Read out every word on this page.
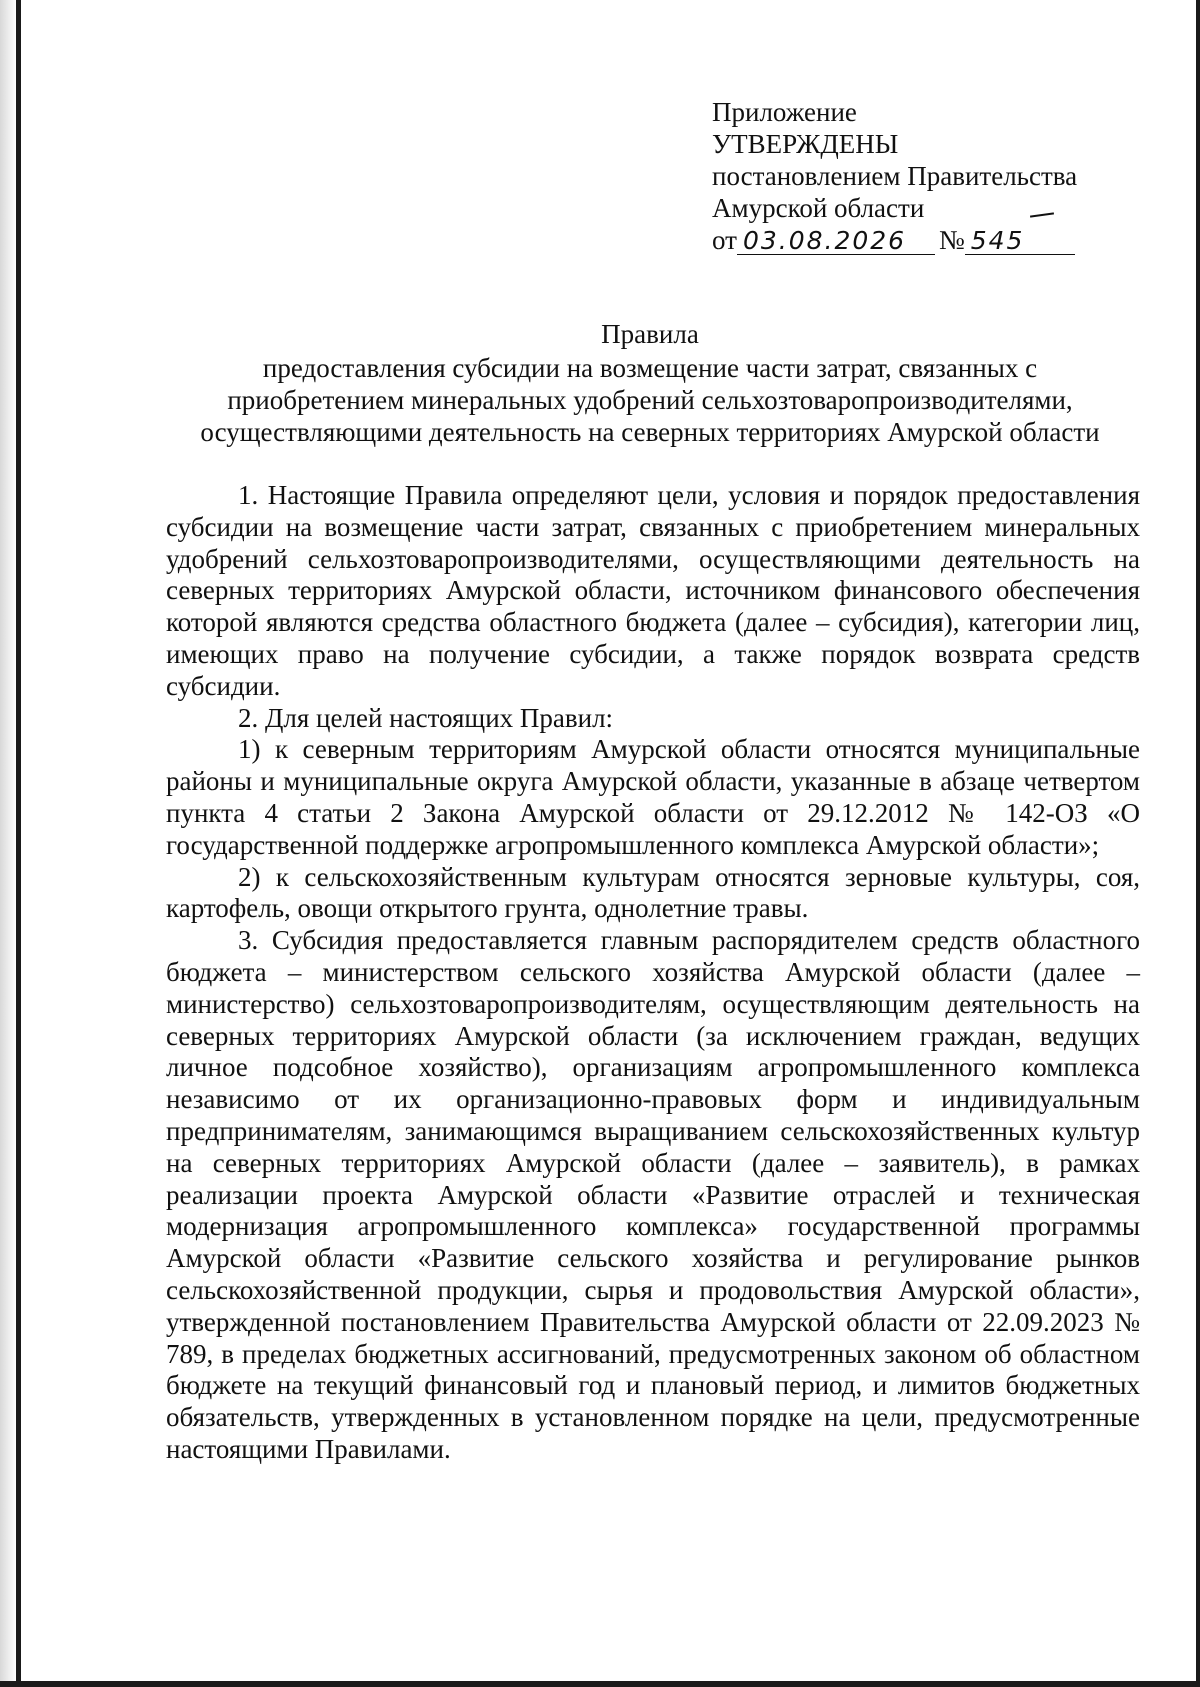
Приложение
УТВЕРЖДЕНЫ
постановлением Правительства
Амурской области
от 03.08.2026 № 545
Правила
предоставления субсидии на возмещение части затрат, связанных с
приобретением минеральных удобрений сельхозтоваропроизводителями,
осуществляющими деятельность на северных территориях Амурской области

1. Настоящие Правила определяют цели, условия и порядок предоставления субсидии на возмещение части затрат, связанных с приобретением минеральных удобрений сельхозтоваропроизводителями, осуществляющими деятельность на северных территориях Амурской области, источником финансового обеспечения которой являются средства областного бюджета (далее – субсидия), категории лиц, имеющих право на получение субсидии, а также порядок возврата средств субсидии.

2. Для целей настоящих Правил:

1) к северным территориям Амурской области относятся муниципальные районы и муниципальные округа Амурской области, указанные в абзаце четвертом пункта 4 статьи 2 Закона Амурской области от 29.12.2012 № 142-ОЗ «О государственной поддержке агропромышленного комплекса Амурской области»;

2) к сельскохозяйственным культурам относятся зерновые культуры, соя, картофель, овощи открытого грунта, однолетние травы.

3. Субсидия предоставляется главным распорядителем средств областного бюджета – министерством сельского хозяйства Амурской области (далее – министерство) сельхозтоваропроизводителям, осуществляющим деятельность на северных территориях Амурской области (за исключением граждан, ведущих личное подсобное хозяйство), организациям агропромышленного комплекса независимо от их организационно-правовых форм и индивидуальным предпринимателям, занимающимся выращиванием сельскохозяйственных культур на северных территориях Амурской области (далее – заявитель), в рамках реализации проекта Амурской области «Развитие отраслей и техническая модернизация агропромышленного комплекса» государственной программы Амурской области «Развитие сельского хозяйства и регулирование рынков сельскохозяйственной продукции, сырья и продовольствия Амурской области», утвержденной постановлением Правительства Амурской области от 22.09.2023 № 789, в пределах бюджетных ассигнований, предусмотренных законом об областном бюджете на текущий финансовый год и плановый период, и лимитов бюджетных обязательств, утвержденных в установленном порядке на цели, предусмотренные настоящими Правилами.
